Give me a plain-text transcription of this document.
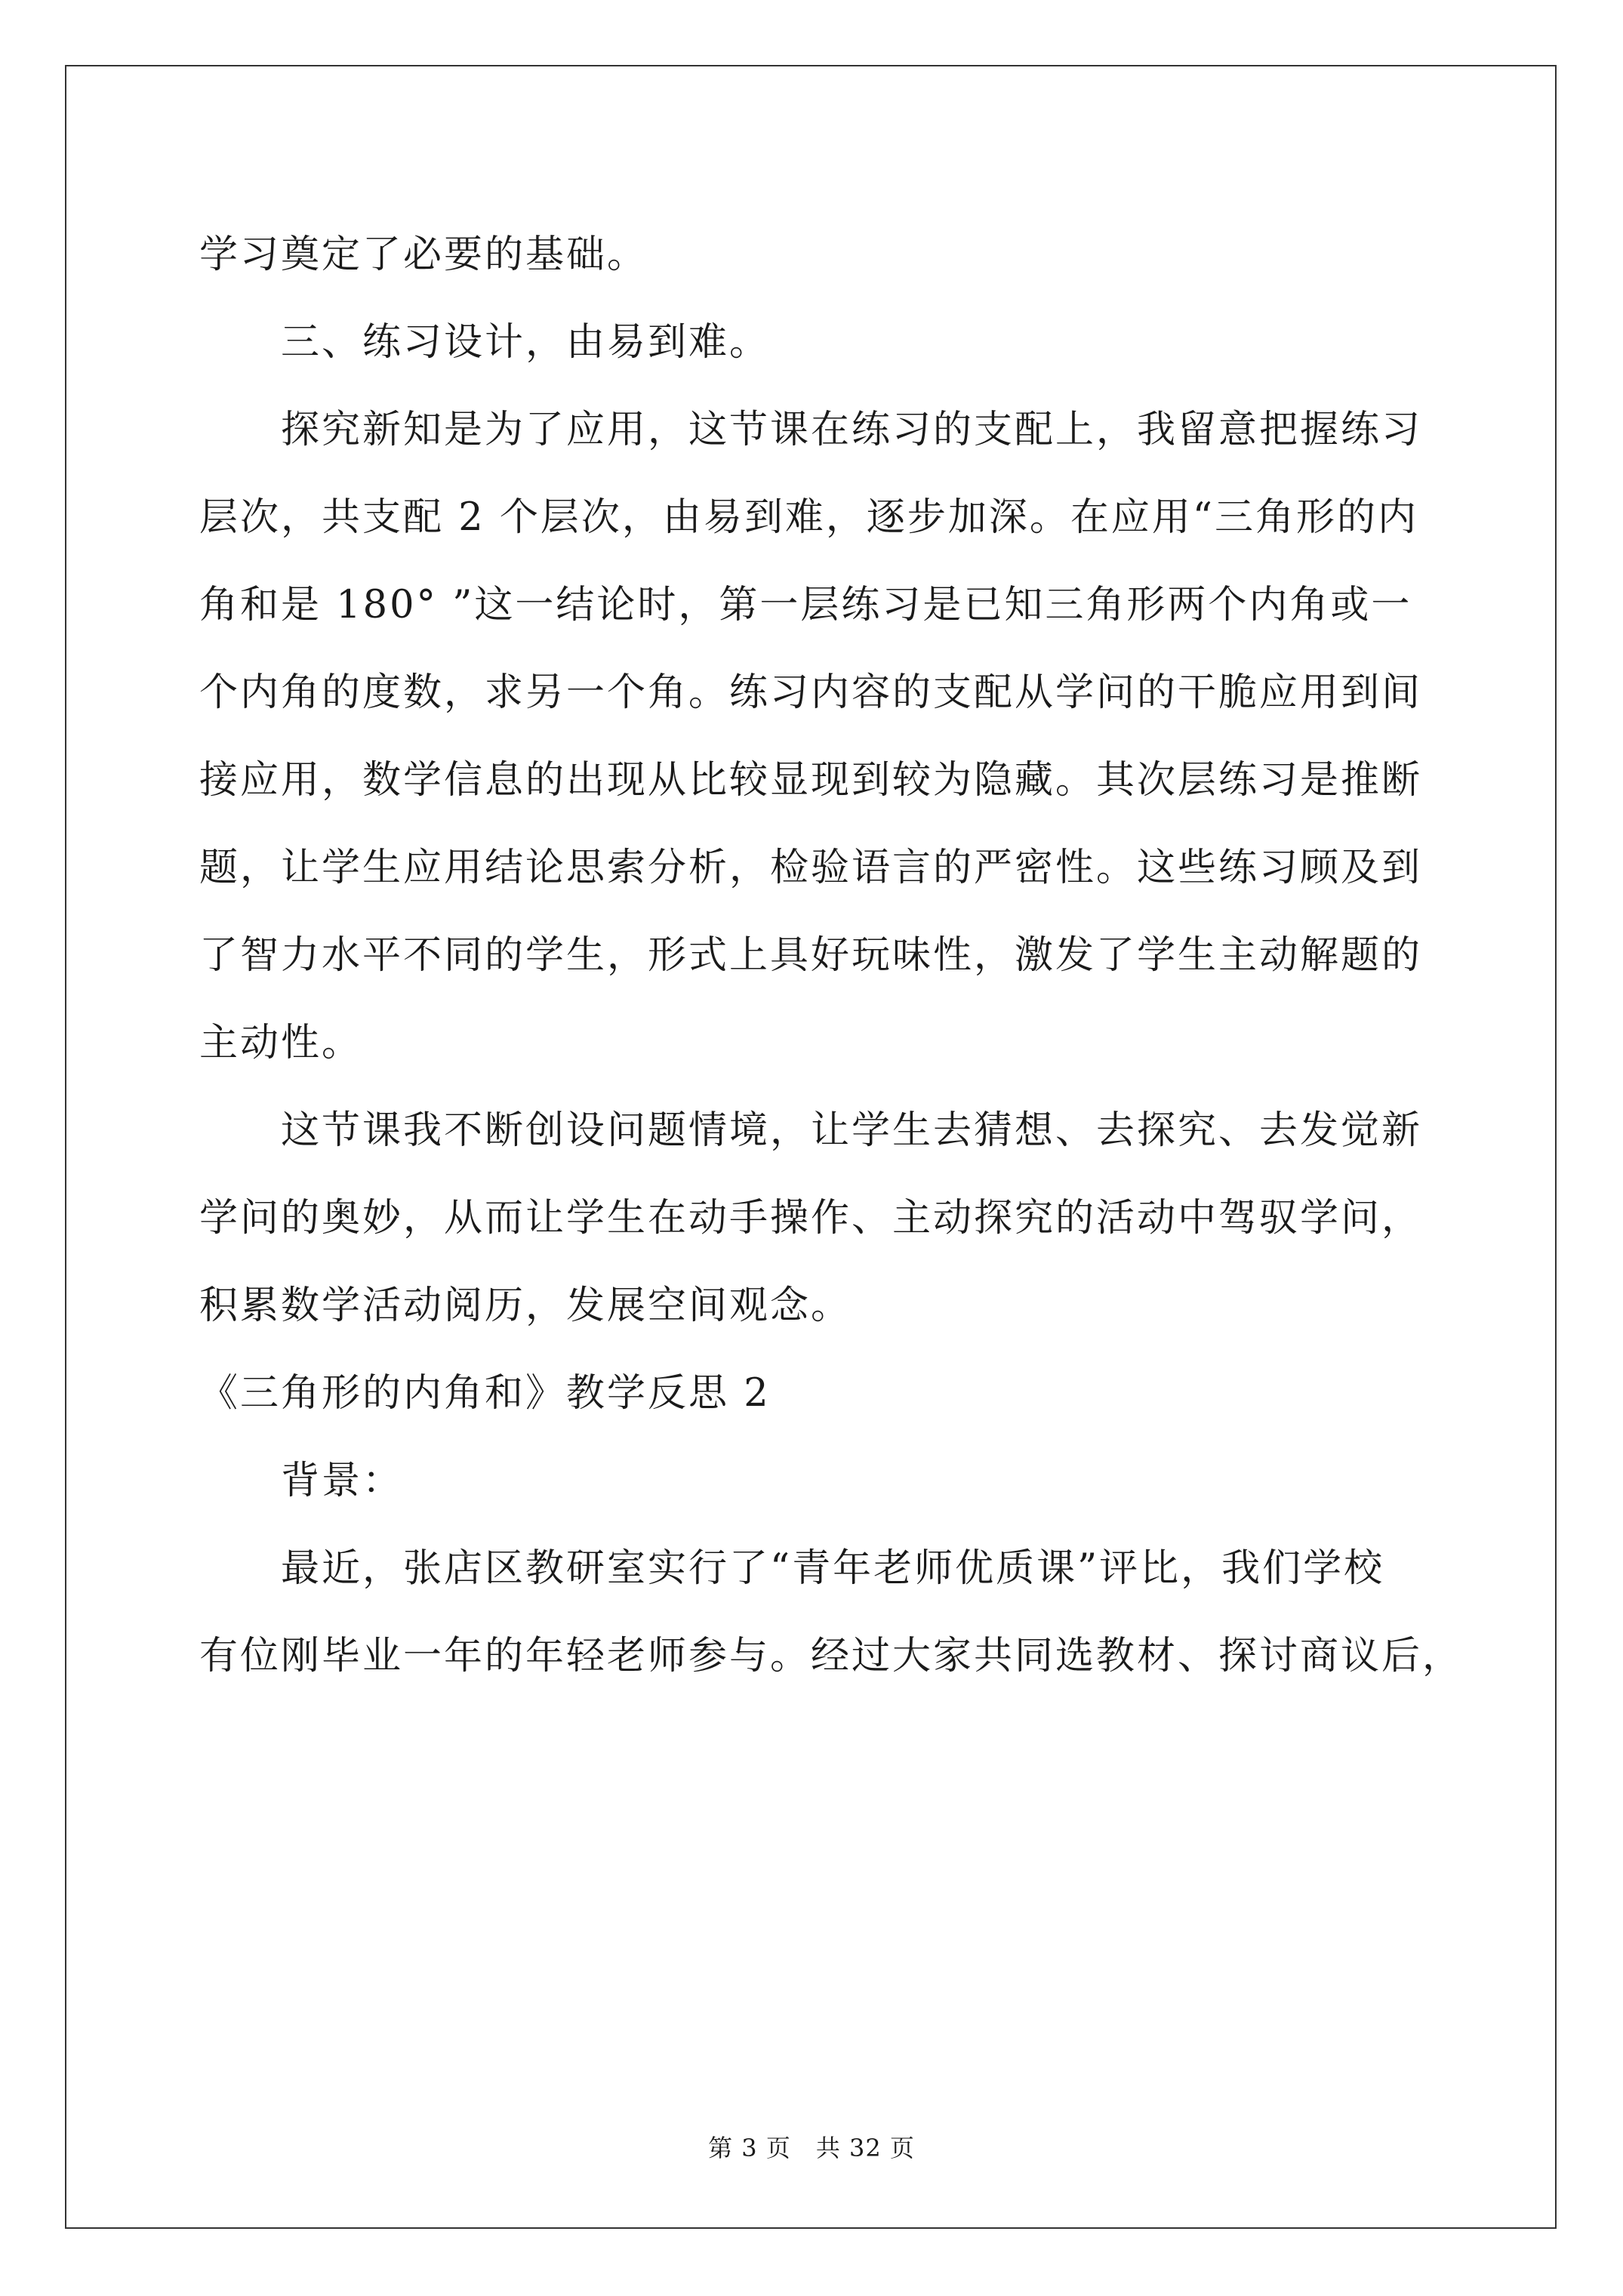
学习奠定了必要的基础。
三、练习设计，由易到难。
探究新知是为了应用，这节课在练习的支配上，我留意把握练习
层次，共支配 2 个层次，由易到难，逐步加深。在应用“三角形的内
角和是 180° ”这一结论时，第一层练习是已知三角形两个内角或一
个内角的度数，求另一个角。练习内容的支配从学问的干脆应用到间
接应用，数学信息的出现从比较显现到较为隐藏。其次层练习是推断
题，让学生应用结论思索分析，检验语言的严密性。这些练习顾及到
了智力水平不同的学生，形式上具好玩味性，激发了学生主动解题的
主动性。
这节课我不断创设问题情境，让学生去猜想、去探究、去发觉新
学问的奥妙，从而让学生在动手操作、主动探究的活动中驾驭学问，
积累数学活动阅历，发展空间观念。
《三角形的内角和》教学反思 2
背景：
最近，张店区教研室实行了“青年老师优质课”评比，我们学校
有位刚毕业一年的年轻老师参与。经过大家共同选教材、探讨商议后，
第 3 页　共 32 页
